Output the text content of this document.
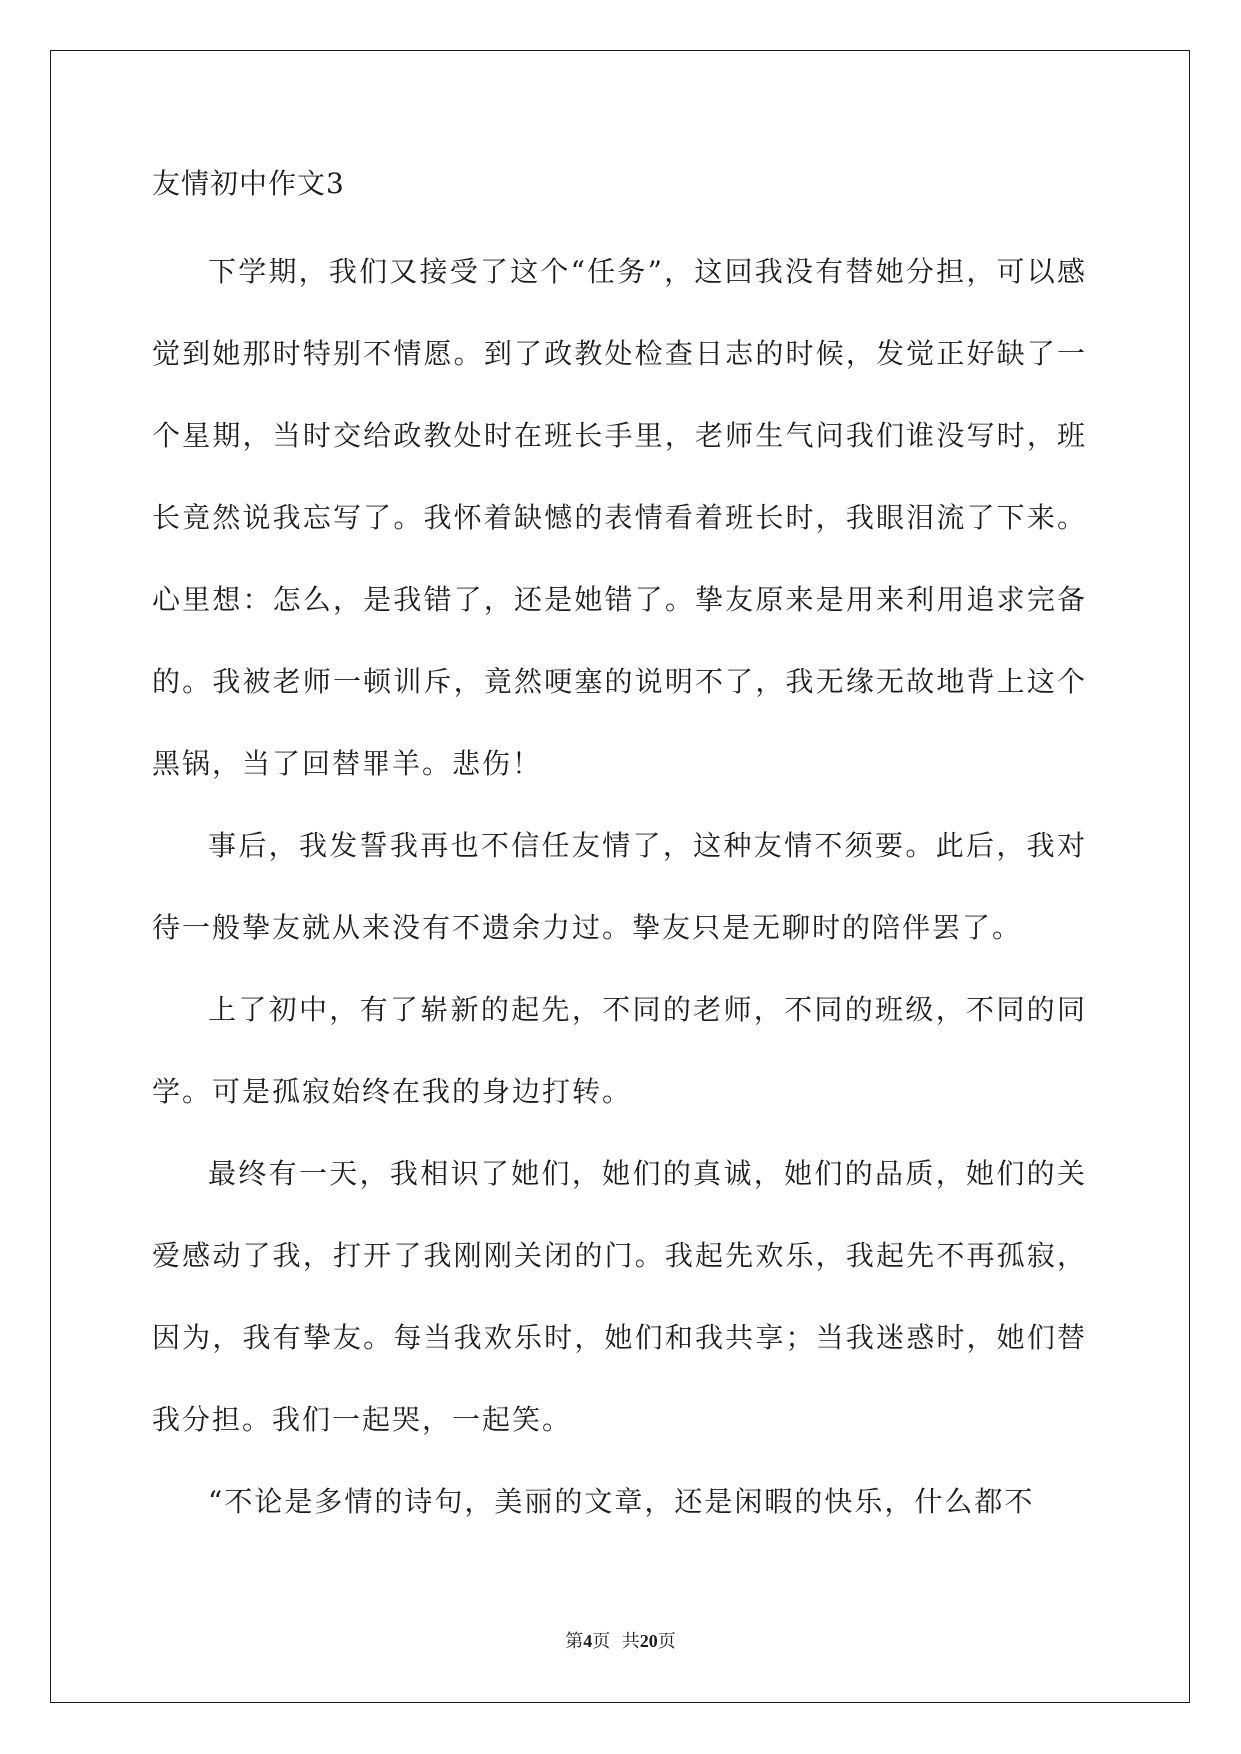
友情初中作文3

下学期，我们又接受了这个“任务”，这回我没有替她分担，可以感觉到她那时特别不情愿。到了政教处检查日志的时候，发觉正好缺了一个星期，当时交给政教处时在班长手里，老师生气问我们谁没写时，班长竟然说我忘写了。我怀着缺憾的表情看着班长时，我眼泪流了下来。心里想：怎么，是我错了，还是她错了。挚友原来是用来利用追求完备的。我被老师一顿训斥，竟然哽塞的说明不了，我无缘无故地背上这个黑锅，当了回替罪羊。悲伤！

事后，我发誓我再也不信任友情了，这种友情不须要。此后，我对待一般挚友就从来没有不遗余力过。挚友只是无聊时的陪伴罢了。

上了初中，有了崭新的起先，不同的老师，不同的班级，不同的同学。可是孤寂始终在我的身边打转。

最终有一天，我相识了她们，她们的真诚，她们的品质，她们的关爱感动了我，打开了我刚刚关闭的门。我起先欢乐，我起先不再孤寂，因为，我有挚友。每当我欢乐时，她们和我共享；当我迷惑时，她们替我分担。我们一起哭，一起笑。

“不论是多情的诗句，美丽的文章，还是闲暇的快乐，什么都不

第4页  共20页
